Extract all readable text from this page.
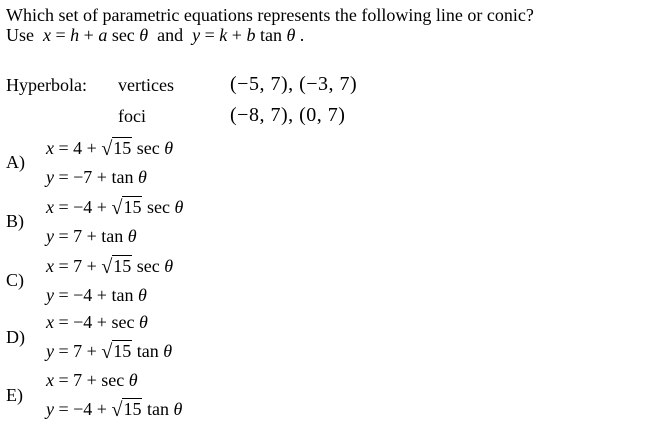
Which set of parametric equations represents the following line or conic?
Use x = h + a sec θ and y = k + b tan θ .
Hyperbola: vertices	(−5, 7), (−3, 7)
foci	(−8, 7), (0, 7)
A)
x = 4 + √15 sec θ
y = −7 + tan θ
B)
x = −4 + √15 sec θ
y = 7 + tan θ
C)
x = 7 + √15 sec θ
y = −4 + tan θ
D)
x = −4 + sec θ
y = 7 + √15 tan θ
E)
x = 7 + sec θ
y = −4 + √15 tan θ
